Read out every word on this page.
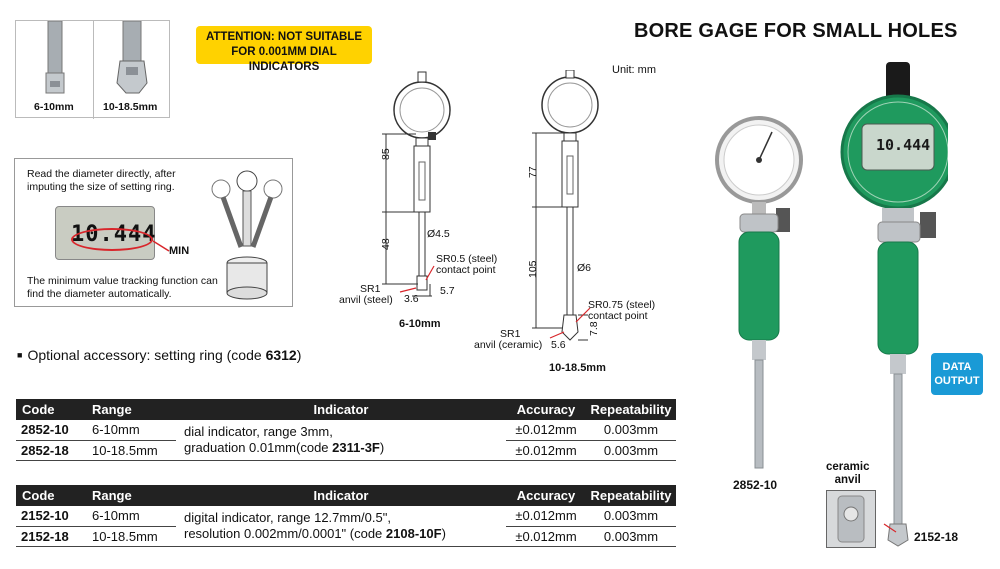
BORE GAGE FOR SMALL HOLES
Unit: mm
ATTENTION: NOT SUITABLE
FOR 0.001MM DIAL INDICATORS
6-10mm	10-18.5mm
Read the diameter directly, after imputing the size of setting ring.
10.444
MIN
The minimum value tracking function can find the diameter automatically.
■ Optional accessory: setting ring (code 6312)
85
48
Ø4.5
SR0.5 (steel)
contact point
SR1
anvil (steel) 3.6
5.7
6-10mm
77
105	Ø6
SR0.75 (steel)
contact point
SR1
anvil (ceramic) 5.6
7.8
10-18.5mm
Code	Range	Indicator	Accuracy	Repeatability
2852-10	6-10mm	dial indicator, range 3mm,
graduation 0.01mm(code 2311-3F)	±0.012mm	0.003mm
2852-18	10-18.5mm		±0.012mm	0.003mm
Code	Range	Indicator	Accuracy	Repeatability
2152-10	6-10mm	digital indicator, range 12.7mm/0.5",
resolution 0.002mm/0.0001" (code 2108-10F)	±0.012mm	0.003mm
2152-18	10-18.5mm		±0.012mm	0.003mm
2852-10
10.444
2152-18
DATA
OUTPUT
ceramic
anvil
